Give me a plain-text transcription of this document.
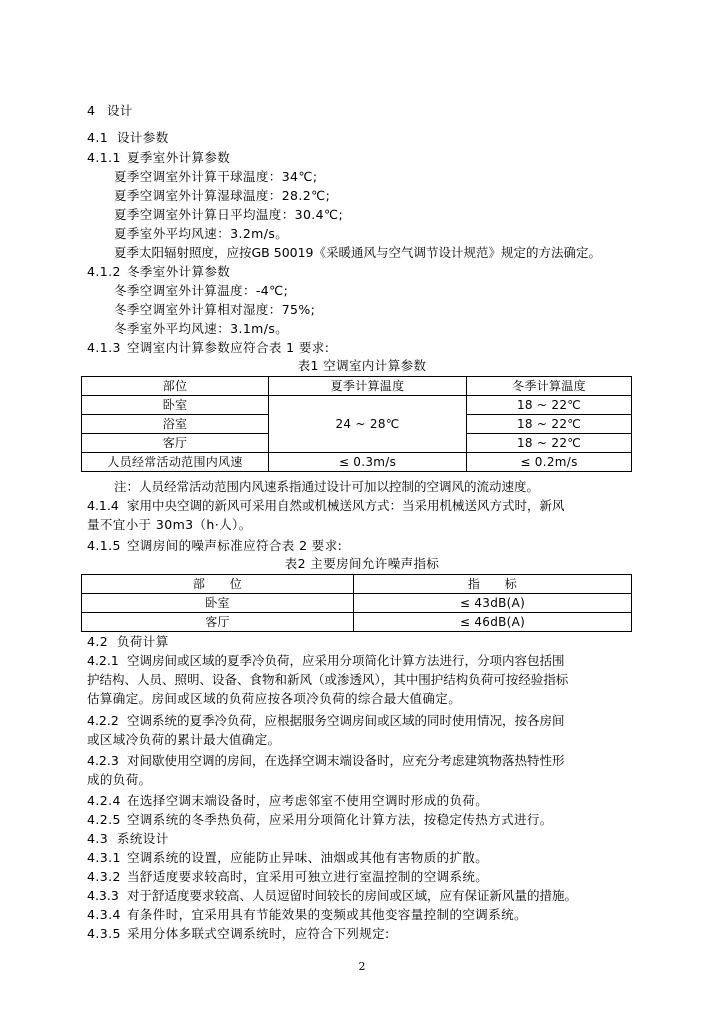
4 设计
4.1 设计参数
4.1.1 夏季室外计算参数
夏季空调室外计算干球温度：34℃;
夏季空调室外计算湿球温度：28.2℃;
夏季空调室外计算日平均温度：30.4℃;
夏季室外平均风速：3.2m/s。
夏季太阳辐射照度，应按GB 50019《采暖通风与空气调节设计规范》规定的方法确定。
4.1.2 冬季室外计算参数
冬季空调室外计算温度：-4℃;
冬季空调室外计算相对湿度：75%;
冬季室外平均风速：3.1m/s。
4.1.3 空调室内计算参数应符合表 1 要求:
表1 空调室内计算参数
部位	夏季计算温度	冬季计算温度
卧室	24 ~ 28℃	18 ~ 22℃
浴室		18 ~ 22℃
客厅		18 ~ 22℃
人员经常活动范围内风速	≤ 0.3m/s	≤ 0.2m/s
注：人员经常活动范围内风速系指通过设计可加以控制的空调风的流动速度。
4.1.4 家用中央空调的新风可采用自然或机械送风方式：当采用机械送风方式时，新风
量不宜小于 30m3（h·人）。
4.1.5 空调房间的噪声标准应符合表 2 要求:
表2 主要房间允许噪声指标
部　　位	指　　标
卧室	≤ 43dB(A)
客厅	≤ 46dB(A)
4.2 负荷计算
4.2.1 空调房间或区域的夏季冷负荷，应采用分项简化计算方法进行，分项内容包括围
护结构、人员、照明、设备、食物和新风（或渗透风），其中围护结构负荷可按经验指标
估算确定。房间或区域的负荷应按各项冷负荷的综合最大值确定。
4.2.2 空调系统的夏季冷负荷，应根据服务空调房间或区域的同时使用情况，按各房间
或区域冷负荷的累计最大值确定。
4.2.3 对间歇使用空调的房间，在选择空调末端设备时，应充分考虑建筑物落热特性形
成的负荷。
4.2.4 在选择空调末端设备时，应考虑邻室不使用空调时形成的负荷。
4.2.5 空调系统的冬季热负荷，应采用分项简化计算方法，按稳定传热方式进行。
4.3 系统设计
4.3.1 空调系统的设置，应能防止异味、油烟或其他有害物质的扩散。
4.3.2 当舒适度要求较高时，宜采用可独立进行室温控制的空调系统。
4.3.3 对于舒适度要求较高、人员逗留时间较长的房间或区域，应有保证新风量的措施。
4.3.4 有条件时，宜采用具有节能效果的变频或其他变容量控制的空调系统。
4.3.5 采用分体多联式空调系统时，应符合下列规定:
2
